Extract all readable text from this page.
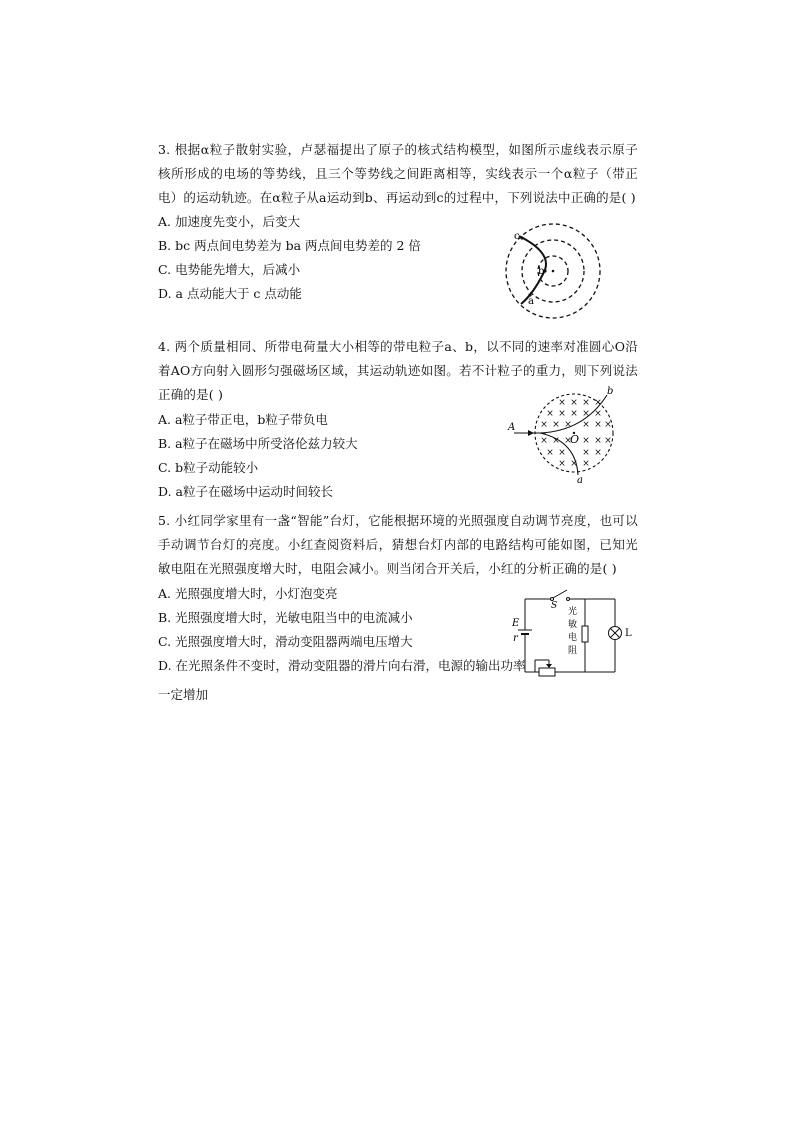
3. 根据α粒子散射实验，卢瑟福提出了原子的核式结构模型，如图所示虚线表示原子核所形成的电场的等势线，且三个等势线之间距离相等，实线表示一个α粒子（带正电）的运动轨迹。在α粒子从a运动到b、再运动到c的过程中，下列说法中正确的是( )
A. 加速度先变小，后变大
B. bc 两点间电势差为 ba 两点间电势差的 2 倍
C. 电势能先增大，后减小
D. a 点动能大于 c 点动能
c
b
a
4. 两个质量相同、所带电荷量大小相等的带电粒子a、b，以不同的速率对准圆心O沿着AO方向射入圆形匀强磁场区域，其运动轨迹如图。若不计粒子的重力，则下列说法正确的是( )
A. a粒子带正电，b粒子带负电
B. a粒子在磁场中所受洛伦兹力较大
C. b粒子动能较小
D. a粒子在磁场中运动时间较长
× × × ×
× × × × ×
× × × × × ×
× × × × × ×
× × × ×
× × ×
A
O
b
a
5. 小红同学家里有一盏“智能”台灯，它能根据环境的光照强度自动调节亮度，也可以手动调节台灯的亮度。小红查阅资料后，猜想台灯内部的电路结构可能如图，已知光敏电阻在光照强度增大时，电阻会减小。则当闭合开关后，小红的分析正确的是( )
A. 光照强度增大时，小灯泡变亮
B. 光照强度增大时，光敏电阻当中的电流减小
C. 光照强度增大时，滑动变阻器两端电压增大
D. 在光照条件不变时，滑动变阻器的滑片向右滑，电源的输出功率
一定增加
E
r
S
光
敏
电
阻
L
